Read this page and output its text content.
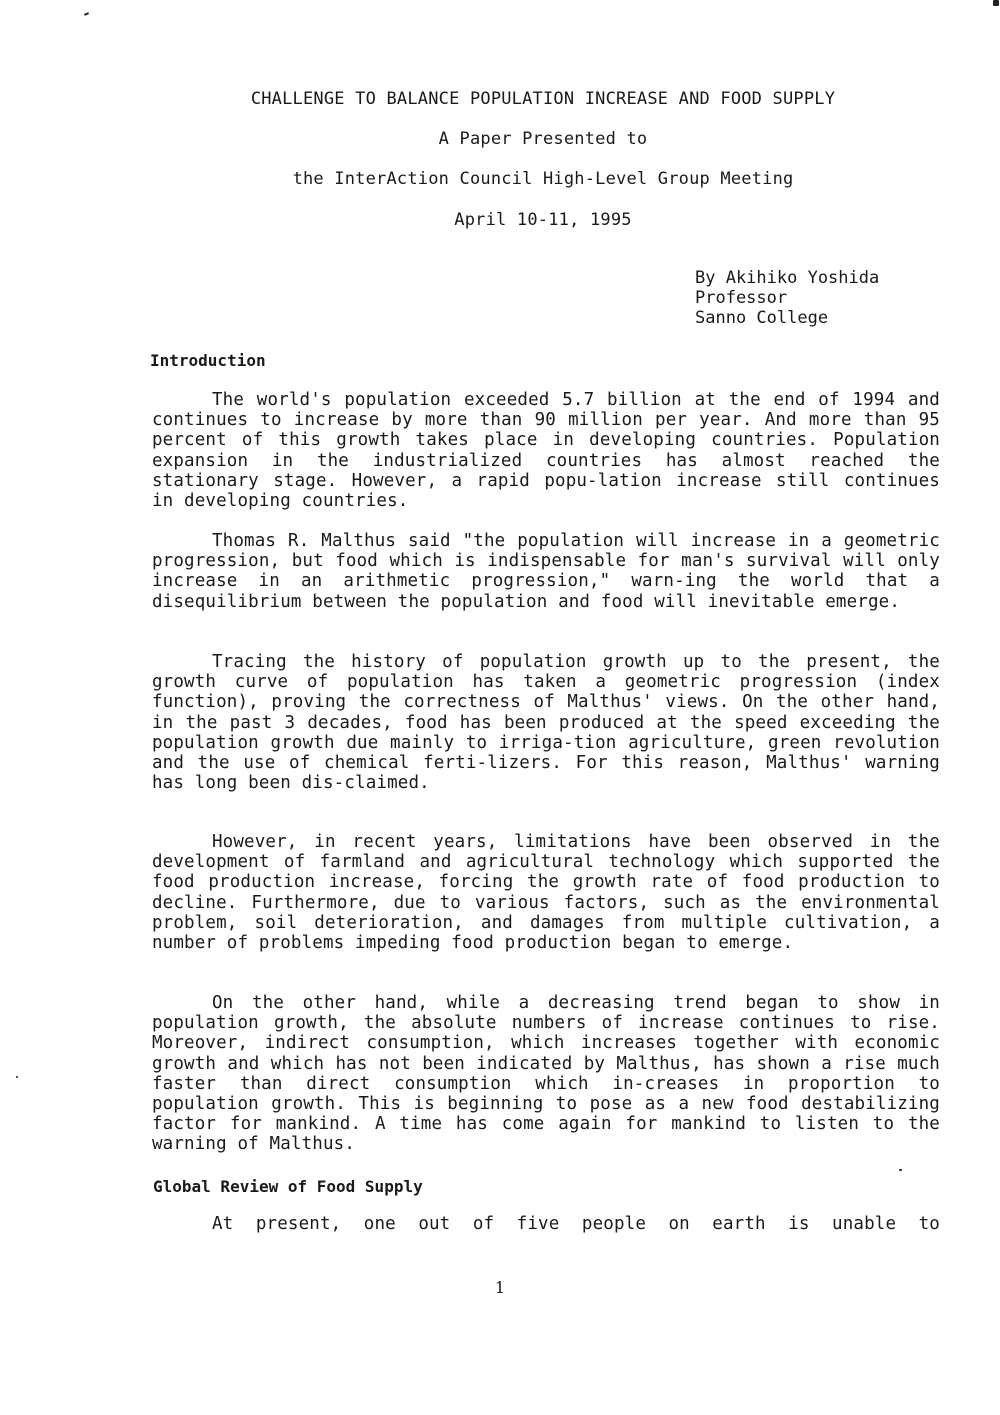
CHALLENGE TO BALANCE POPULATION INCREASE AND FOOD SUPPLY
A Paper Presented to
the InterAction Council High-Level Group Meeting
April 10-11, 1995
By Akihiko Yoshida
Professor
Sanno College
Introduction
The world's population exceeded 5.7 billion at the end of 1994 and continues to increase by more than 90 million per year. And more than 95 percent of this growth takes place in developing countries. Population expansion in the industrialized countries has almost reached the stationary stage. However, a rapid popu-lation increase still continues in developing countries.
Thomas R. Malthus said "the population will increase in a geometric progression, but food which is indispensable for man's survival will only increase in an arithmetic progression," warn-ing the world that a disequilibrium between the population and food will inevitable emerge.
Tracing the history of population growth up to the present, the growth curve of population has taken a geometric progression (index function), proving the correctness of Malthus' views. On the other hand, in the past 3 decades, food has been produced at the speed exceeding the population growth due mainly to irriga-tion agriculture, green revolution and the use of chemical ferti-lizers. For this reason, Malthus' warning has long been dis-claimed.
However, in recent years, limitations have been observed in the development of farmland and agricultural technology which supported the food production increase, forcing the growth rate of food production to decline. Furthermore, due to various factors, such as the environmental problem, soil deterioration, and damages from multiple cultivation, a number of problems impeding food production began to emerge.
On the other hand, while a decreasing trend began to show in population growth, the absolute numbers of increase continues to rise. Moreover, indirect consumption, which increases together with economic growth and which has not been indicated by Malthus, has shown a rise much faster than direct consumption which in-creases in proportion to population growth. This is beginning to pose as a new food destabilizing factor for mankind. A time has come again for mankind to listen to the warning of Malthus.
Global Review of Food Supply
At present, one out of five people on earth is unable to
1
